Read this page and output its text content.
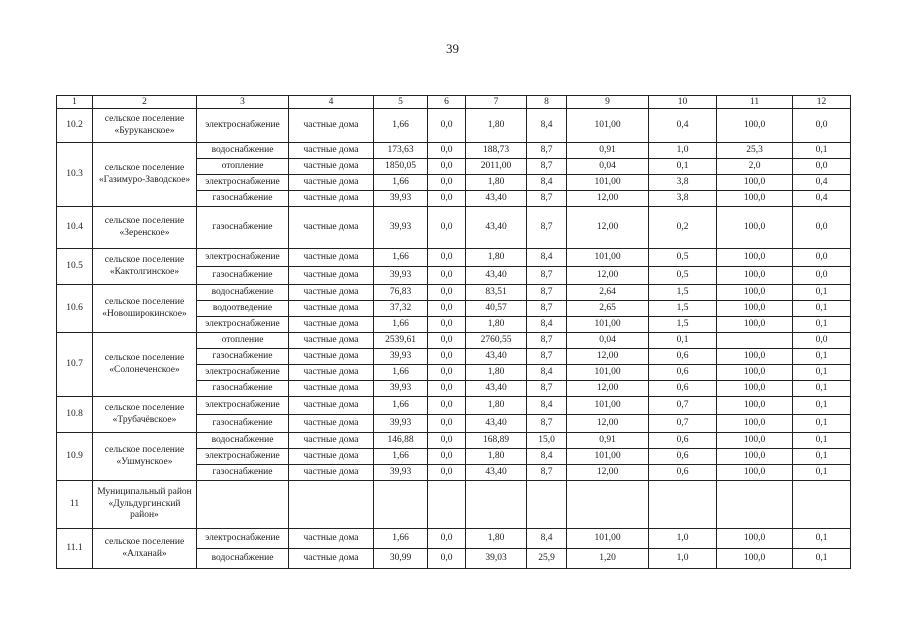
39
1	2	3	4	5	6	7	8	9	10	11	12
10.2	сельское поселение «Буруканское»	электроснабжение	частные дома	1,66	0,0	1,80	8,4	101,00	0,4	100,0	0,0
10.3	сельское поселение «Газимуро-Заводское»	водоснабжение	частные дома	173,63	0,0	188,73	8,7	0,91	1,0	25,3	0,1
		отопление	частные дома	1850,05	0,0	2011,00	8,7	0,04	0,1	2,0	0,0
		электроснабжение	частные дома	1,66	0,0	1,80	8,4	101,00	3,8	100,0	0,4
		газоснабжение	частные дома	39,93	0,0	43,40	8,7	12,00	3,8	100,0	0,4
10.4	сельское поселение «Зеренское»	газоснабжение	частные дома	39,93	0,0	43,40	8,7	12,00	0,2	100,0	0,0
10.5	сельское поселение «Кактолгинское»	электроснабжение	частные дома	1,66	0,0	1,80	8,4	101,00	0,5	100,0	0,0
		газоснабжение	частные дома	39,93	0,0	43,40	8,7	12,00	0,5	100,0	0,0
10.6	сельское поселение «Новоширокинское»	водоснабжение	частные дома	76,83	0,0	83,51	8,7	2,64	1,5	100,0	0,1
		водоотведение	частные дома	37,32	0,0	40,57	8,7	2,65	1,5	100,0	0,1
		электроснабжение	частные дома	1,66	0,0	1,80	8,4	101,00	1,5	100,0	0,1
10.7	сельское поселение «Солонеченское»	отопление	частные дома	2539,61	0,0	2760,55	8,7	0,04	0,1		0,0
		газоснабжение	частные дома	39,93	0,0	43,40	8,7	12,00	0,6	100,0	0,1
		электроснабжение	частные дома	1,66	0,0	1,80	8,4	101,00	0,6	100,0	0,1
		газоснабжение	частные дома	39,93	0,0	43,40	8,7	12,00	0,6	100,0	0,1
10.8	сельское поселение «Трубачёвское»	электроснабжение	частные дома	1,66	0,0	1,80	8,4	101,00	0,7	100,0	0,1
		газоснабжение	частные дома	39,93	0,0	43,40	8,7	12,00	0,7	100,0	0,1
10.9	сельское поселение «Ушмунское»	водоснабжение	частные дома	146,88	0,0	168,89	15,0	0,91	0,6	100,0	0,1
		электроснабжение	частные дома	1,66	0,0	1,80	8,4	101,00	0,6	100,0	0,1
		газоснабжение	частные дома	39,93	0,0	43,40	8,7	12,00	0,6	100,0	0,1
11	Муниципальный район «Дульдургинский район»										
11.1	сельское поселение «Алханай»	электроснабжение	частные дома	1,66	0,0	1,80	8,4	101,00	1,0	100,0	0,1
		водоснабжение	частные дома	30,99	0,0	39,03	25,9	1,20	1,0	100,0	0,1
